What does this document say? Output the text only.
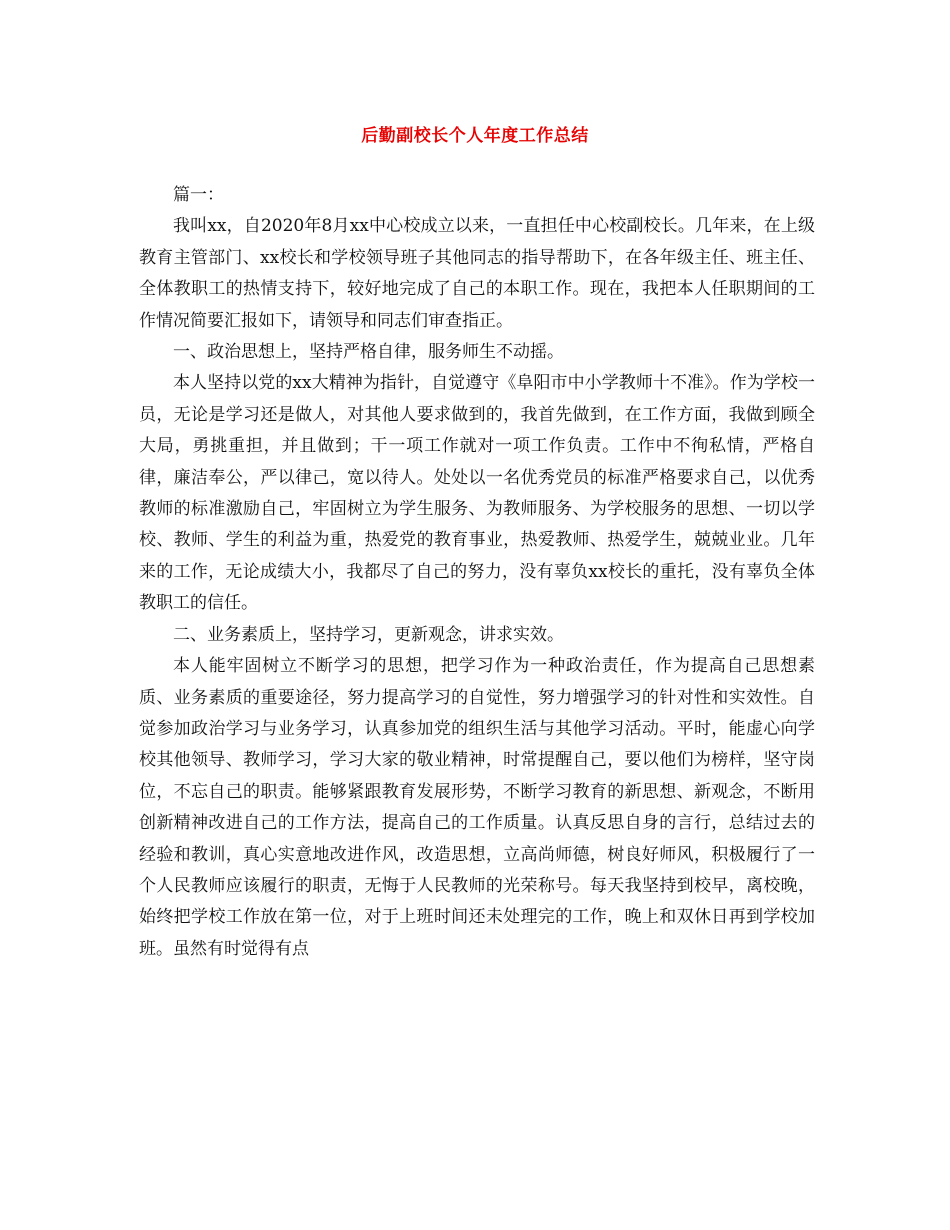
后勤副校长个人年度工作总结

篇一：

我叫xx，自2020年8月xx中心校成立以来，一直担任中心校副校长。几年来，在上级教育主管部门、xx校长和学校领导班子其他同志的指导帮助下，在各年级主任、班主任、全体教职工的热情支持下，较好地完成了自己的本职工作。现在，我把本人任职期间的工作情况简要汇报如下，请领导和同志们审查指正。

一、政治思想上，坚持严格自律，服务师生不动摇。

本人坚持以党的xx大精神为指针，自觉遵守《阜阳市中小学教师十不准》。作为学校一员，无论是学习还是做人，对其他人要求做到的，我首先做到，在工作方面，我做到顾全大局，勇挑重担，并且做到；干一项工作就对一项工作负责。工作中不徇私情，严格自律，廉洁奉公，严以律己，宽以待人。处处以一名优秀党员的标准严格要求自己，以优秀教师的标准激励自己，牢固树立为学生服务、为教师服务、为学校服务的思想、一切以学校、教师、学生的利益为重，热爱党的教育事业，热爱教师、热爱学生，兢兢业业。几年来的工作，无论成绩大小，我都尽了自己的努力，没有辜负xx校长的重托，没有辜负全体教职工的信任。

二、业务素质上，坚持学习，更新观念，讲求实效。

本人能牢固树立不断学习的思想，把学习作为一种政治责任，作为提高自己思想素质、业务素质的重要途径，努力提高学习的自觉性，努力增强学习的针对性和实效性。自觉参加政治学习与业务学习，认真参加党的组织生活与其他学习活动。平时，能虚心向学校其他领导、教师学习，学习大家的敬业精神，时常提醒自己，要以他们为榜样，坚守岗位，不忘自己的职责。能够紧跟教育发展形势，不断学习教育的新思想、新观念，不断用创新精神改进自己的工作方法，提高自己的工作质量。认真反思自身的言行，总结过去的经验和教训，真心实意地改进作风，改造思想，立高尚师德，树良好师风，积极履行了一个人民教师应该履行的职责，无悔于人民教师的光荣称号。每天我坚持到校早，离校晚，始终把学校工作放在第一位，对于上班时间还未处理完的工作，晚上和双休日再到学校加班。虽然有时觉得有点
